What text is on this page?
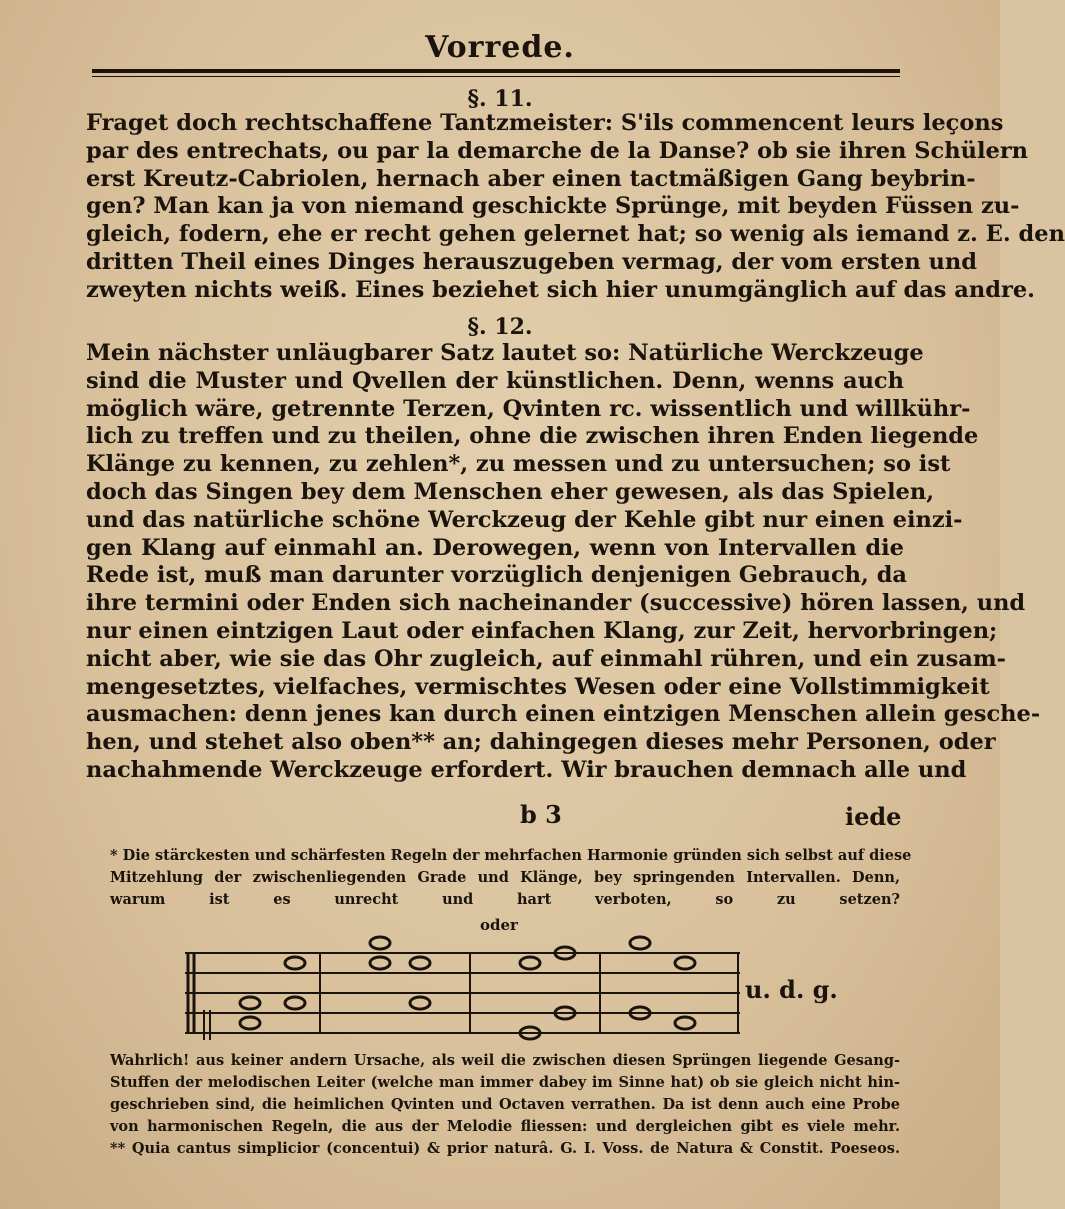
Vorrede.
§. 11.
Fraget doch rechtschaffene Tantzmeister: S'ils commencent leurs leçons
par des entrechats, ou par la demarche de la Danse? ob sie ihren Schülern
erst Kreutz-Cabriolen, hernach aber einen tactmäßigen Gang beybrin-
gen? Man kan ja von niemand geschickte Sprünge, mit beyden Füssen zu-
gleich, fodern, ehe er recht gehen gelernet hat; so wenig als iemand z. E. den
dritten Theil eines Dinges herauszugeben vermag, der vom ersten und
zweyten nichts weiß. Eines beziehet sich hier unumgänglich auf das andre.
§. 12.
Mein nächster unläugbarer Satz lautet so: Natürliche Werckzeuge
sind die Muster und Qvellen der künstlichen. Denn, wenns auch
möglich wäre, getrennte Terzen, Qvinten rc. wissentlich und willkühr-
lich zu treffen und zu theilen, ohne die zwischen ihren Enden liegende
Klänge zu kennen, zu zehlen*, zu messen und zu untersuchen; so ist
doch das Singen bey dem Menschen eher gewesen, als das Spielen,
und das natürliche schöne Werckzeug der Kehle gibt nur einen einzi-
gen Klang auf einmahl an. Derowegen, wenn von Intervallen die
Rede ist, muß man darunter vorzüglich denjenigen Gebrauch, da
ihre termini oder Enden sich nacheinander (successive) hören lassen, und
nur einen eintzigen Laut oder einfachen Klang, zur Zeit, hervorbringen;
nicht aber, wie sie das Ohr zugleich, auf einmahl rühren, und ein zusam-
mengesetztes, vielfaches, vermischtes Wesen oder eine Vollstimmigkeit
ausmachen: denn jenes kan durch einen eintzigen Menschen allein gesche-
hen, und stehet also oben** an; dahingegen dieses mehr Personen, oder
nachahmende Werckzeuge erfordert. Wir brauchen demnach alle und
b 3	iede
* Die stärckesten und schärfesten Regeln der mehrfachen Harmonie gründen sich selbst auf diese
Mitzehlung der zwischenliegenden Grade und Klänge, bey springenden Intervallen. Denn,
warum ist es unrecht und hart verboten, so zu setzen?
oder
u. d. g.
Wahrlich! aus keiner andern Ursache, als weil die zwischen diesen Sprüngen liegende Gesang-
Stuffen der melodischen Leiter (welche man immer dabey im Sinne hat) ob sie gleich nicht hin-
geschrieben sind, die heimlichen Qvinten und Octaven verrathen. Da ist denn auch eine Probe
von harmonischen Regeln, die aus der Melodie fliessen: und dergleichen gibt es viele mehr.
** Quia cantus simplicior (concentui) & prior naturâ. G. I. Voss. de Natura & Constit. Poeseos.
